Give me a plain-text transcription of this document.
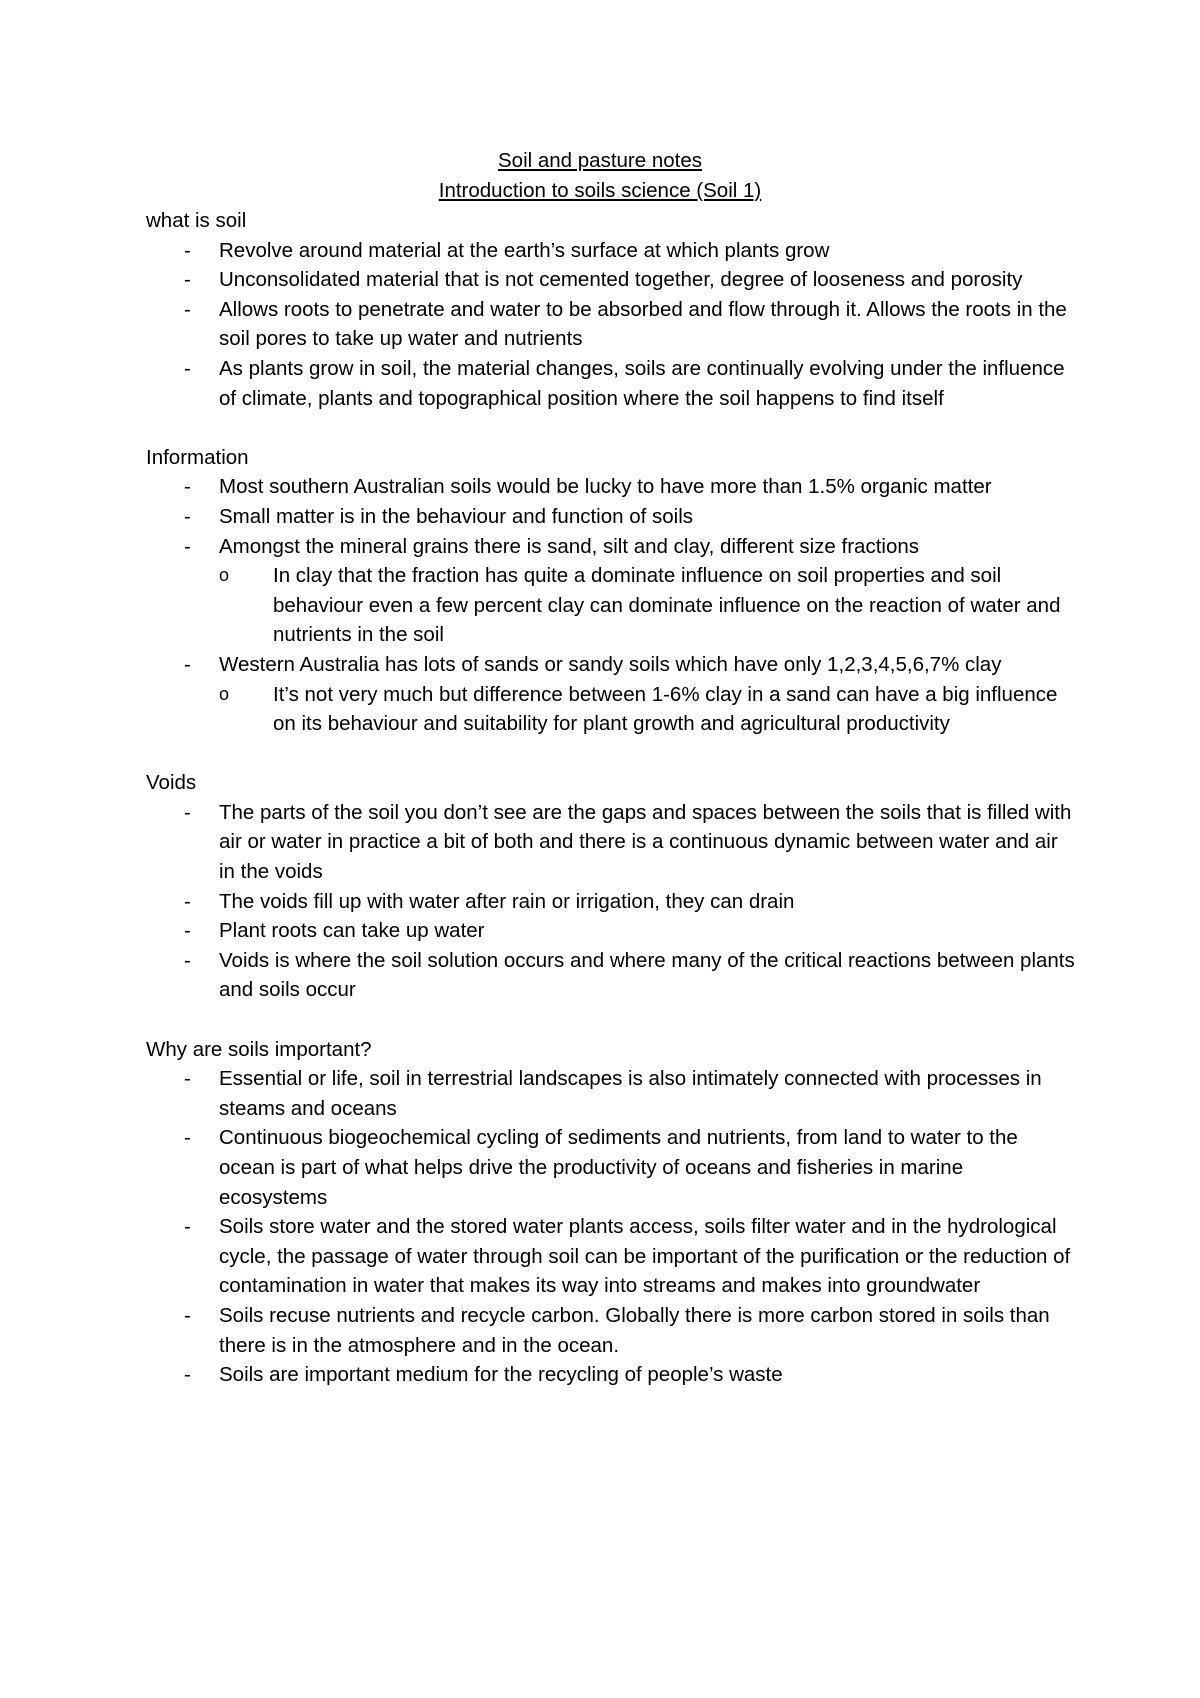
Soil and pasture notes
Introduction to soils science (Soil 1)
what is soil
- Revolve around material at the earth’s surface at which plants grow
- Unconsolidated material that is not cemented together, degree of looseness and porosity
- Allows roots to penetrate and water to be absorbed and flow through it. Allows the roots in the soil pores to take up water and nutrients
- As plants grow in soil, the material changes, soils are continually evolving under the influence of climate, plants and topographical position where the soil happens to find itself
Information
- Most southern Australian soils would be lucky to have more than 1.5% organic matter
- Small matter is in the behaviour and function of soils
- Amongst the mineral grains there is sand, silt and clay, different size fractions
o In clay that the fraction has quite a dominate influence on soil properties and soil behaviour even a few percent clay can dominate influence on the reaction of water and nutrients in the soil
- Western Australia has lots of sands or sandy soils which have only 1,2,3,4,5,6,7% clay
o It’s not very much but difference between 1-6% clay in a sand can have a big influence on its behaviour and suitability for plant growth and agricultural productivity
Voids
- The parts of the soil you don’t see are the gaps and spaces between the soils that is filled with air or water in practice a bit of both and there is a continuous dynamic between water and air in the voids
- The voids fill up with water after rain or irrigation, they can drain
- Plant roots can take up water
- Voids is where the soil solution occurs and where many of the critical reactions between plants and soils occur
Why are soils important?
- Essential or life, soil in terrestrial landscapes is also intimately connected with processes in steams and oceans
- Continuous biogeochemical cycling of sediments and nutrients, from land to water to the ocean is part of what helps drive the productivity of oceans and fisheries in marine ecosystems
- Soils store water and the stored water plants access, soils filter water and in the hydrological cycle, the passage of water through soil can be important of the purification or the reduction of contamination in water that makes its way into streams and makes into groundwater
- Soils recuse nutrients and recycle carbon. Globally there is more carbon stored in soils than there is in the atmosphere and in the ocean.
- Soils are important medium for the recycling of people’s waste
